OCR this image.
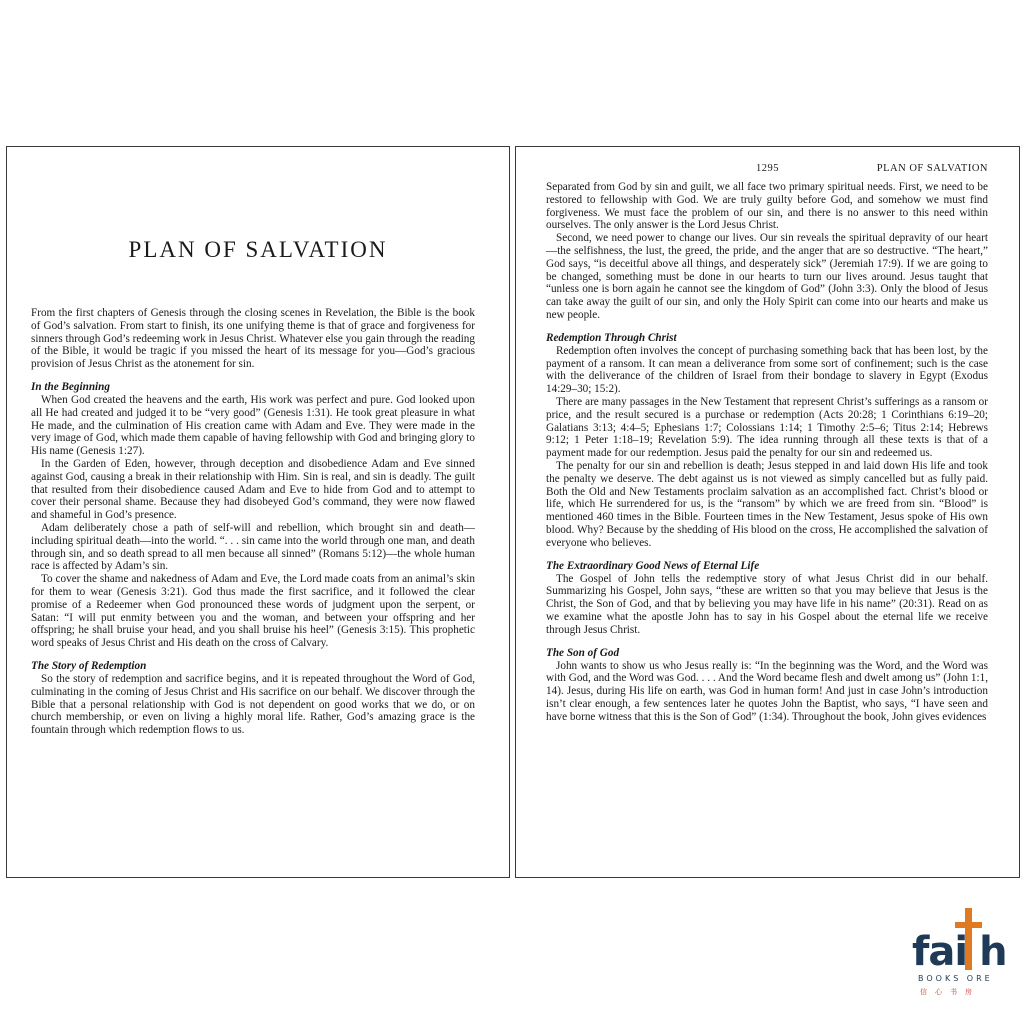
PLAN OF SALVATION

From the first chapters of Genesis through the closing scenes in Revelation, the Bible is the book of God’s salvation. From start to finish, its one unifying theme is that of grace and forgiveness for sinners through God’s redeeming work in Jesus Christ. Whatever else you gain through the reading of the Bible, it would be tragic if you missed the heart of its message for you—God’s gracious provision of Jesus Christ as the atonement for sin.

In the Beginning

When God created the heavens and the earth, His work was perfect and pure. God looked upon all He had created and judged it to be “very good” (Genesis 1:31). He took great pleasure in what He made, and the culmination of His creation came with Adam and Eve. They were made in the very image of God, which made them capable of having fellowship with God and bringing glory to His name (Genesis 1:27).

In the Garden of Eden, however, through deception and disobedience Adam and Eve sinned against God, causing a break in their relationship with Him. Sin is real, and sin is deadly. The guilt that resulted from their disobedience caused Adam and Eve to hide from God and to attempt to cover their personal shame. Because they had disobeyed God’s command, they were now flawed and shameful in God’s presence.

Adam deliberately chose a path of self-will and rebellion, which brought sin and death—including spiritual death—into the world. “. . . sin came into the world through one man, and death through sin, and so death spread to all men because all sinned” (Romans 5:12)—the whole human race is affected by Adam’s sin.

To cover the shame and nakedness of Adam and Eve, the Lord made coats from an animal’s skin for them to wear (Genesis 3:21). God thus made the first sacrifice, and it followed the clear promise of a Redeemer when God pronounced these words of judgment upon the serpent, or Satan: “I will put enmity between you and the woman, and between your offspring and her offspring; he shall bruise your head, and you shall bruise his heel” (Genesis 3:15). This prophetic word speaks of Jesus Christ and His death on the cross of Calvary.

The Story of Redemption

So the story of redemption and sacrifice begins, and it is repeated throughout the Word of God, culminating in the coming of Jesus Christ and His sacrifice on our behalf. We discover through the Bible that a personal relationship with God is not dependent on good works that we do, or on church membership, or even on living a highly moral life. Rather, God’s amazing grace is the fountain through which redemption flows to us.

1295	PLAN OF SALVATION

Separated from God by sin and guilt, we all face two primary spiritual needs. First, we need to be restored to fellowship with God. We are truly guilty before God, and somehow we must find forgiveness. We must face the problem of our sin, and there is no answer to this need within ourselves. The only answer is the Lord Jesus Christ.

Second, we need power to change our lives. Our sin reveals the spiritual depravity of our heart—the selfishness, the lust, the greed, the pride, and the anger that are so destructive. “The heart,” God says, “is deceitful above all things, and desperately sick” (Jeremiah 17:9). If we are going to be changed, something must be done in our hearts to turn our lives around. Jesus taught that “unless one is born again he cannot see the kingdom of God” (John 3:3). Only the blood of Jesus can take away the guilt of our sin, and only the Holy Spirit can come into our hearts and make us new people.

Redemption Through Christ

Redemption often involves the concept of purchasing something back that has been lost, by the payment of a ransom. It can mean a deliverance from some sort of confinement; such is the case with the deliverance of the children of Israel from their bondage to slavery in Egypt (Exodus 14:29–30; 15:2).

There are many passages in the New Testament that represent Christ’s sufferings as a ransom or price, and the result secured is a purchase or redemption (Acts 20:28; 1 Corinthians 6:19–20; Galatians 3:13; 4:4–5; Ephesians 1:7; Colossians 1:14; 1 Timothy 2:5–6; Titus 2:14; Hebrews 9:12; 1 Peter 1:18–19; Revelation 5:9). The idea running through all these texts is that of a payment made for our redemption. Jesus paid the penalty for our sin and redeemed us.

The penalty for our sin and rebellion is death; Jesus stepped in and laid down His life and took the penalty we deserve. The debt against us is not viewed as simply cancelled but as fully paid. Both the Old and New Testaments proclaim salvation as an accomplished fact. Christ’s blood or life, which He surrendered for us, is the “ransom” by which we are freed from sin. “Blood” is mentioned 460 times in the Bible. Fourteen times in the New Testament, Jesus spoke of His own blood. Why? Because by the shedding of His blood on the cross, He accomplished the salvation of everyone who believes.

The Extraordinary Good News of Eternal Life

The Gospel of John tells the redemptive story of what Jesus Christ did in our behalf. Summarizing his Gospel, John says, “these are written so that you may believe that Jesus is the Christ, the Son of God, and that by believing you may have life in his name” (20:31). Read on as we examine what the apostle John has to say in his Gospel about the eternal life we receive through Jesus Christ.

The Son of God

John wants to show us who Jesus really is: “In the beginning was the Word, and the Word was with God, and the Word was God. . . . And the Word became flesh and dwelt among us” (John 1:1, 14). Jesus, during His life on earth, was God in human form! And just in case John’s introduction isn’t clear enough, a few sentences later he quotes John the Baptist, who says, “I have seen and have borne witness that this is the Son of God” (1:34). Throughout the book, John gives evidences

fai h
BOOKS ORE
信心书房
